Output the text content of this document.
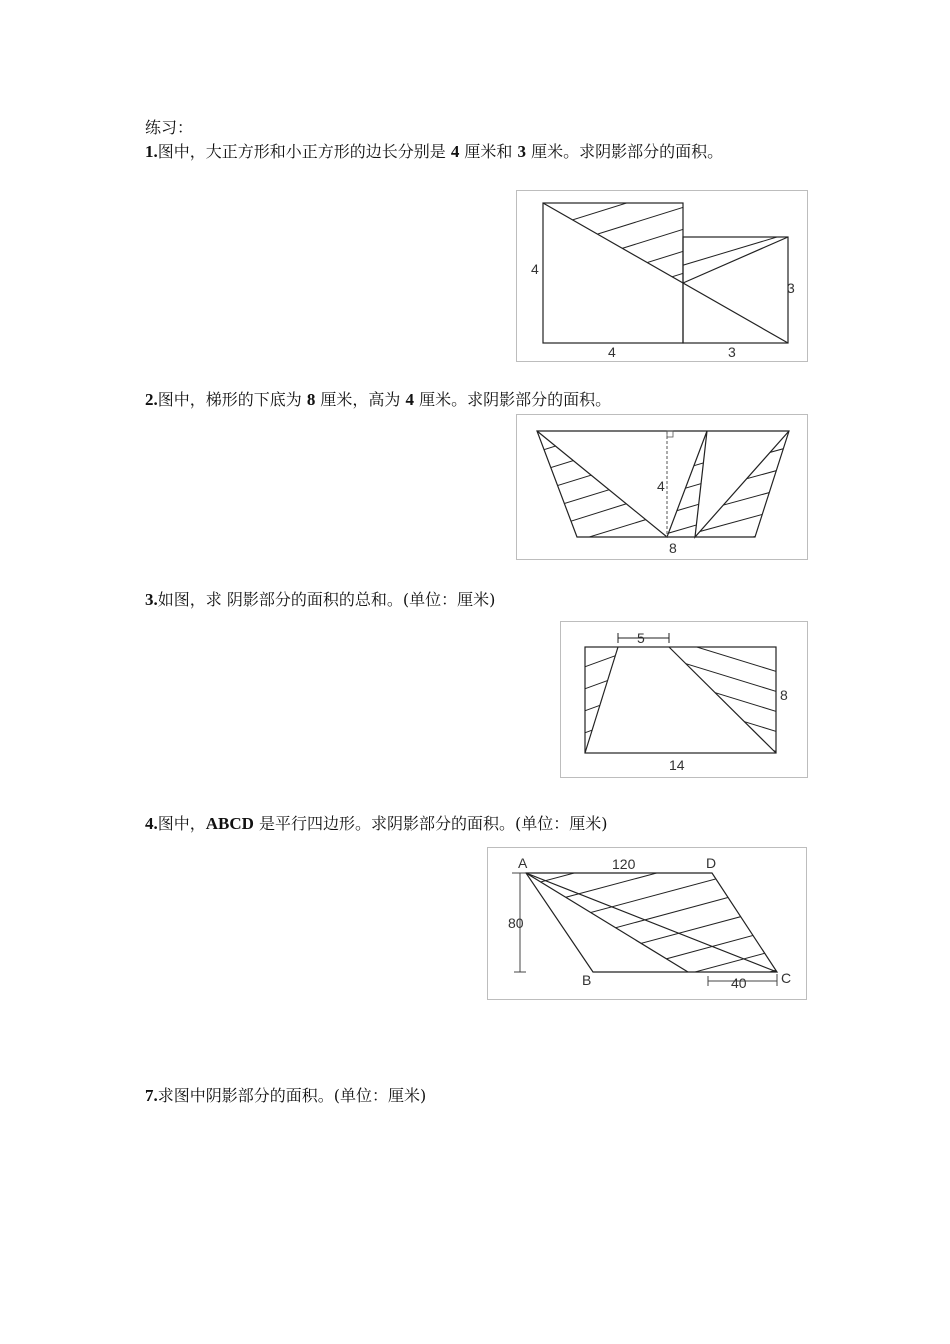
练习：
1.图中，大正方形和小正方形的边长分别是 4 厘米和 3 厘米。求阴影部分的面积。
4
4	3
3
2.图中，梯形的下底为 8 厘米，高为 4 厘米。求阴影部分的面积。
4
8
3.如图，求 阴影部分的面积的总和。(单位：厘米)
5
8
14
4.图中，ABCD 是平行四边形。求阴影部分的面积。(单位：厘米)
A	D
B	C
120
80
40
7.求图中阴影部分的面积。(单位：厘米)
